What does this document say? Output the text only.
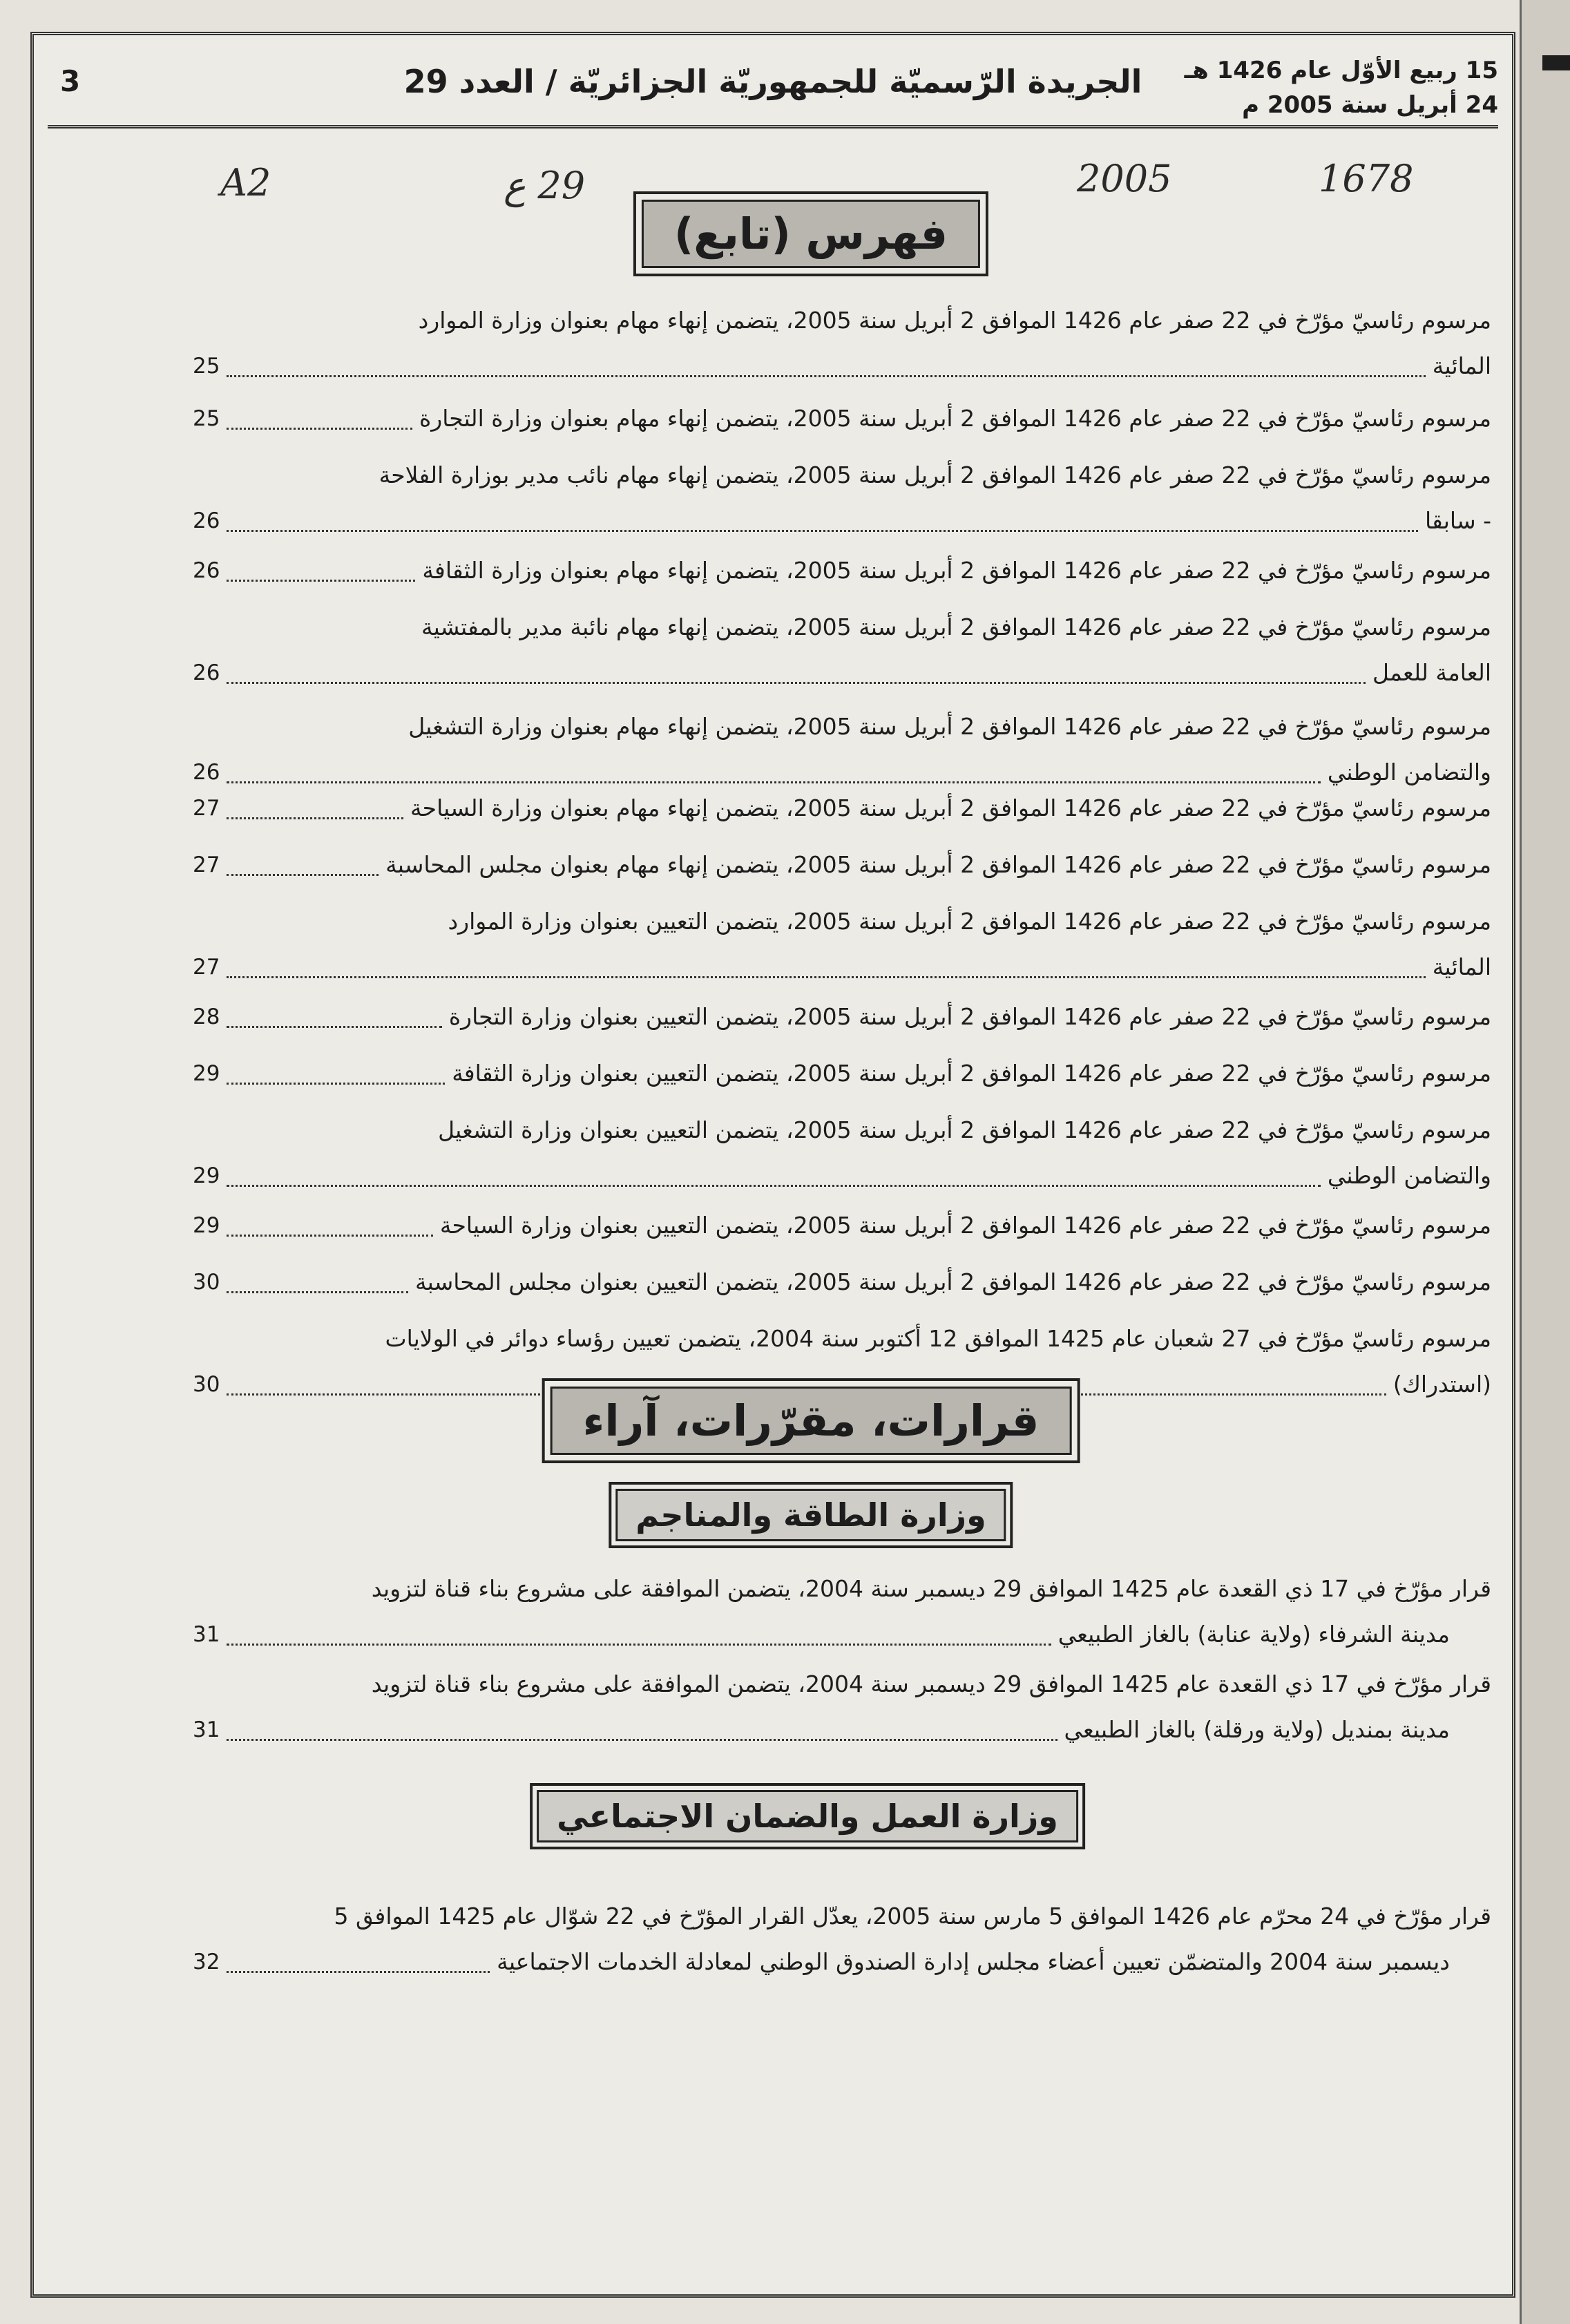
15 ربيع الأوّل عام 1426 هـ
24 أبريل سنة 2005 م
الجريدة الرّسميّة للجمهوريّة الجزائريّة / العدد 29
3
A2	29 ع	2005	1678
فهرس (تابع)
مرسوم رئاسيّ مؤرّخ في 22 صفر عام 1426 الموافق 2 أبريل سنة 2005، يتضمن إنهاء مهام بعنوان وزارة الموارد
المائية
25
مرسوم رئاسيّ مؤرّخ في 22 صفر عام 1426 الموافق 2 أبريل سنة 2005، يتضمن إنهاء مهام بعنوان وزارة التجارة
25
مرسوم رئاسيّ مؤرّخ في 22 صفر عام 1426 الموافق 2 أبريل سنة 2005، يتضمن إنهاء مهام نائب مدير بوزارة الفلاحة
- سابقا
26
مرسوم رئاسيّ مؤرّخ في 22 صفر عام 1426 الموافق 2 أبريل سنة 2005، يتضمن إنهاء مهام بعنوان وزارة الثقافة
26
مرسوم رئاسيّ مؤرّخ في 22 صفر عام 1426 الموافق 2 أبريل سنة 2005، يتضمن إنهاء مهام نائبة مدير بالمفتشية
العامة للعمل
26
مرسوم رئاسيّ مؤرّخ في 22 صفر عام 1426 الموافق 2 أبريل سنة 2005، يتضمن إنهاء مهام بعنوان وزارة التشغيل
والتضامن الوطني
26
مرسوم رئاسيّ مؤرّخ في 22 صفر عام 1426 الموافق 2 أبريل سنة 2005، يتضمن إنهاء مهام بعنوان وزارة السياحة
27
مرسوم رئاسيّ مؤرّخ في 22 صفر عام 1426 الموافق 2 أبريل سنة 2005، يتضمن إنهاء مهام بعنوان مجلس المحاسبة
27
مرسوم رئاسيّ مؤرّخ في 22 صفر عام 1426 الموافق 2 أبريل سنة 2005، يتضمن التعيين بعنوان وزارة الموارد
المائية
27
مرسوم رئاسيّ مؤرّخ في 22 صفر عام 1426 الموافق 2 أبريل سنة 2005، يتضمن التعيين بعنوان وزارة التجارة
28
مرسوم رئاسيّ مؤرّخ في 22 صفر عام 1426 الموافق 2 أبريل سنة 2005، يتضمن التعيين بعنوان وزارة الثقافة
29
مرسوم رئاسيّ مؤرّخ في 22 صفر عام 1426 الموافق 2 أبريل سنة 2005، يتضمن التعيين بعنوان وزارة التشغيل
والتضامن الوطني
29
مرسوم رئاسيّ مؤرّخ في 22 صفر عام 1426 الموافق 2 أبريل سنة 2005، يتضمن التعيين بعنوان وزارة السياحة
29
مرسوم رئاسيّ مؤرّخ في 22 صفر عام 1426 الموافق 2 أبريل سنة 2005، يتضمن التعيين بعنوان مجلس المحاسبة
30
مرسوم رئاسيّ مؤرّخ في 27 شعبان عام 1425 الموافق 12 أكتوبر سنة 2004، يتضمن تعيين رؤساء دوائر في الولايات
(استدراك)
30
قرارات، مقرّرات، آراء
وزارة الطاقة والمناجم
قرار مؤرّخ في 17 ذي القعدة عام 1425 الموافق 29 ديسمبر سنة 2004، يتضمن الموافقة على مشروع بناء قناة لتزويد
مدينة الشرفاء (ولاية عنابة) بالغاز الطبيعي
31
قرار مؤرّخ في 17 ذي القعدة عام 1425 الموافق 29 ديسمبر سنة 2004، يتضمن الموافقة على مشروع بناء قناة لتزويد
مدينة بمنديل (ولاية ورقلة) بالغاز الطبيعي
31
وزارة العمل والضمان الاجتماعي
قرار مؤرّخ في 24 محرّم عام 1426 الموافق 5 مارس سنة 2005، يعدّل القرار المؤرّخ في 22 شوّال عام 1425 الموافق 5
ديسمبر سنة 2004 والمتضمّن تعيين أعضاء مجلس إدارة الصندوق الوطني لمعادلة الخدمات الاجتماعية
32
